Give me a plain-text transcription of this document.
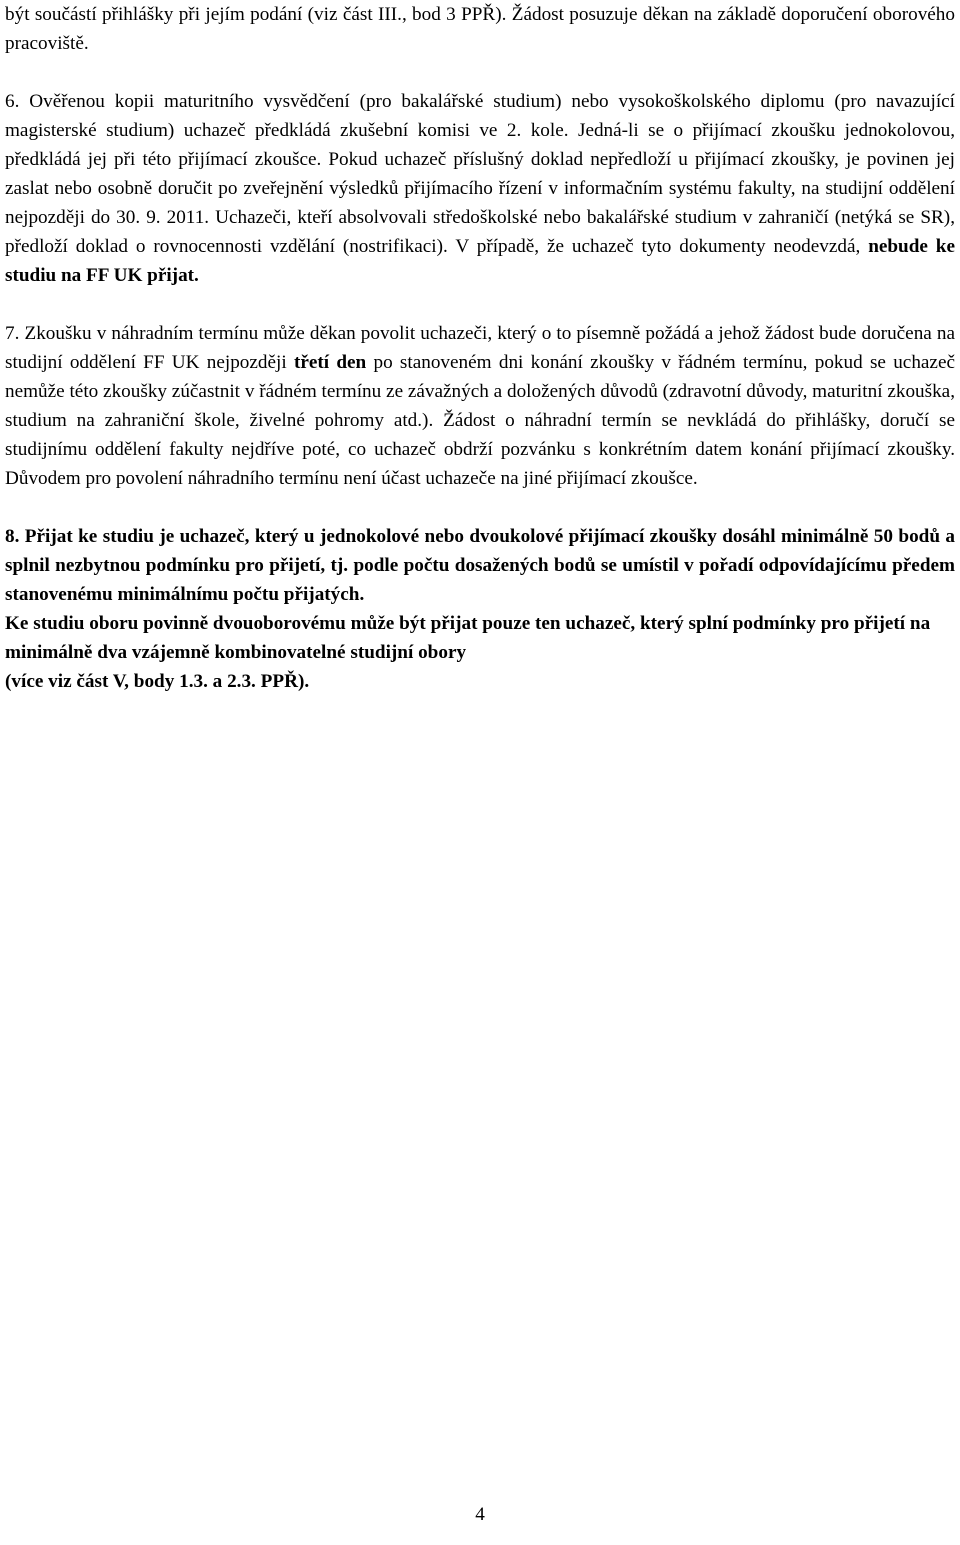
být součástí přihlášky při jejím podání (viz část III., bod 3 PPŘ). Žádost posuzuje děkan na základě doporučení oborového pracoviště.

6. Ověřenou kopii maturitního vysvědčení (pro bakalářské studium) nebo vysokoškolského diplomu (pro navazující magisterské studium) uchazeč předkládá zkušební komisi ve 2. kole. Jedná-li se o přijímací zkoušku jednokolovou, předkládá jej při této přijímací zkoušce. Pokud uchazeč příslušný doklad nepředloží u přijímací zkoušky, je povinen jej zaslat nebo osobně doručit po zveřejnění výsledků přijímacího řízení v informačním systému fakulty, na studijní oddělení nejpozději do 30. 9. 2011. Uchazeči, kteří absolvovali středoškolské nebo bakalářské studium v zahraničí (netýká se SR), předloží doklad o rovnocennosti vzdělání (nostrifikaci). V případě, že uchazeč tyto dokumenty neodevzdá, nebude ke studiu na FF UK přijat.

7. Zkoušku v náhradním termínu může děkan povolit uchazeči, který o to písemně požádá a jehož žádost bude doručena na studijní oddělení FF UK nejpozději třetí den po stanoveném dni konání zkoušky v řádném termínu, pokud se uchazeč nemůže této zkoušky zúčastnit v řádném termínu ze závažných a doložených důvodů (zdravotní důvody, maturitní zkouška, studium na zahraniční škole, živelné pohromy atd.). Žádost o náhradní termín se nevkládá do přihlášky, doručí se studijnímu oddělení fakulty nejdříve poté, co uchazeč obdrží pozvánku s konkrétním datem konání přijímací zkoušky. Důvodem pro povolení náhradního termínu není účast uchazeče na jiné přijímací zkoušce.

8. Přijat ke studiu je uchazeč, který u jednokolové nebo dvoukolové přijímací zkoušky dosáhl minimálně 50 bodů a splnil nezbytnou podmínku pro přijetí, tj. podle počtu dosažených bodů se umístil v pořadí odpovídajícímu předem stanovenému minimálnímu počtu přijatých.

Ke studiu oboru povinně dvouoborovému může být přijat pouze ten uchazeč, který splní podmínky pro přijetí na minimálně dva vzájemně kombinovatelné studijní obory
(více viz část V, body 1.3. a 2.3. PPŘ).

4
